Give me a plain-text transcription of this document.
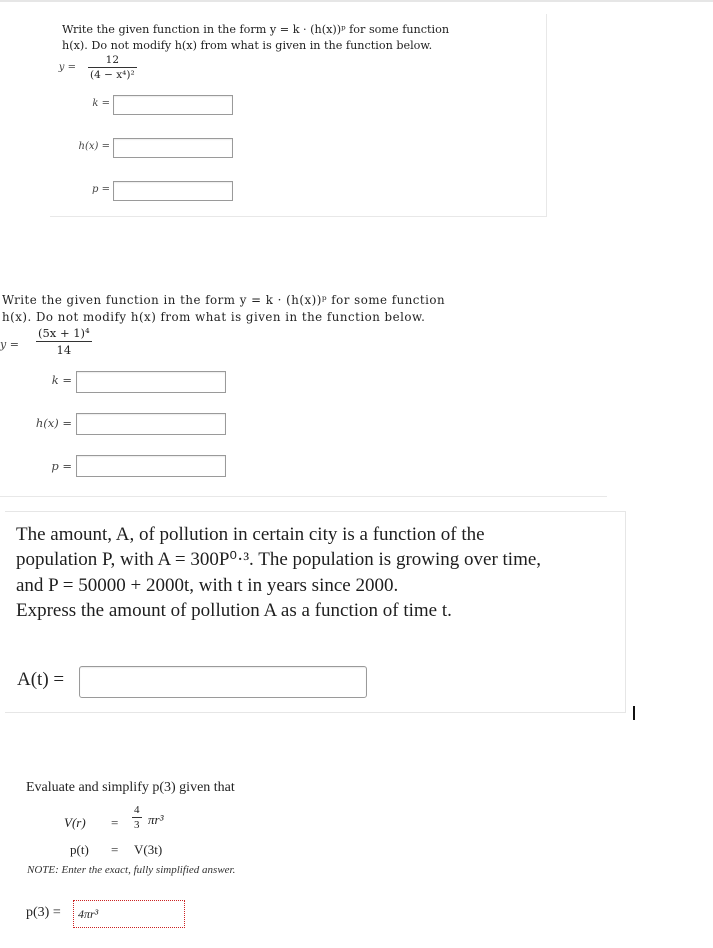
Write the given function in the form y = k · (h(x))ᵖ for some function
h(x). Do not modify h(x) from what is given in the function below.
$y = \frac{12}{\text{(4 − x⁴)²}}$
k =
h(x) =
p =
Write the given function in the form y = k · (h(x))ᵖ for some function
h(x). Do not modify h(x) from what is given in the function below.
y =	$\frac{\text{(5x + 1)⁴}}{14}$
k =
h(x) =
p =
The amount, A, of pollution in certain city is a function of the
population P, with A = 300P⁰·³. The population is growing over time,
and P = 50000 + 2000t, with t in years since 2000.
Express the amount of pollution A as a function of time t.
A(t) =
Evaluate and simplify p(3) given that
$V(r) = \frac{4}{3} \pi r^3$
p(t) = V(3t)
NOTE: Enter the exact, fully simplified answer.
p(3) =	4πr³
